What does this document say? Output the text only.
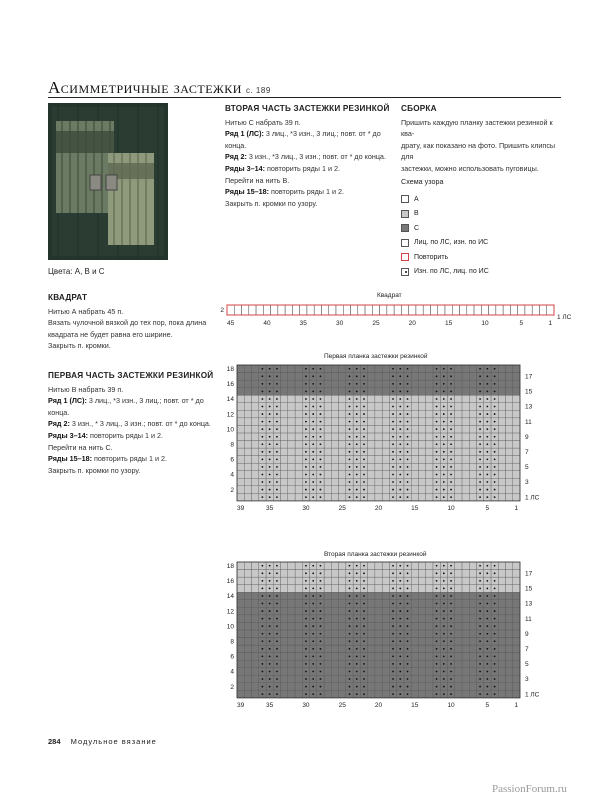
Асимметричные застежки с. 189
Цвета: А, В и С
КВАДРАТ

Нитью А набрать 45 п.

Вязать чулочной вязкой до тех пор, пока длина

квадрата не будет равна его ширине.

Закрыть п. кромки.

ПЕРВАЯ ЧАСТЬ ЗАСТЕЖКИ РЕЗИНКОЙ

Нитью В набрать 39 п.

Ряд 1 (ЛС): 3 лиц., *3 изн., 3 лиц.; повт. от * до

конца.

Ряд 2: 3 изн., * 3 лиц., 3 изн.; повт. от * до конца.

Ряды 3–14: повторить ряды 1 и 2.

Перейти на нить С.

Ряды 15–18: повторить ряды 1 и 2.

Закрыть п. кромки по узору.

ВТОРАЯ ЧАСТЬ ЗАСТЕЖКИ РЕЗИНКОЙ

Нитью С набрать 39 п.

Ряд 1 (ЛС): 3 лиц., *3 изн., 3 лиц.; повт. от * до

конца.

Ряд 2: 3 изн., *3 лиц., 3 изн.; повт. от * до конца.

Ряды 3–14: повторить ряды 1 и 2.

Перейти на нить В.

Ряды 15–18: повторить ряды 1 и 2.

Закрыть п. кромки по узору.

СБОРКА

Пришить каждую планку застежки резинкой к ква-

драту, как показано на фото. Пришить клипсы для

застежки, можно использовать пуговицы.

Схема узора
А
В
С
Лиц. по ЛС, изн. по ИС
Повторить
Изн. по ЛС, лиц. по ИС
Квадрат
Первая планка застежки резинкой
Вторая планка застежки резинкой
2
1 ЛС
45	40	35	30	25	20	15	10	5	1
18
16
14
12
10
8
6
4
2
17
15
13
11
9
7
5
3
1 ЛС
39	35	30	25	20	15	10	5	1
18
16
14
12
10
8
6
4
2
17
15
13
11
9
7
5
3
1 ЛС
39	35	30	25	20	15	10	5	1
284 Модульное вязание
PassionForum.ru
